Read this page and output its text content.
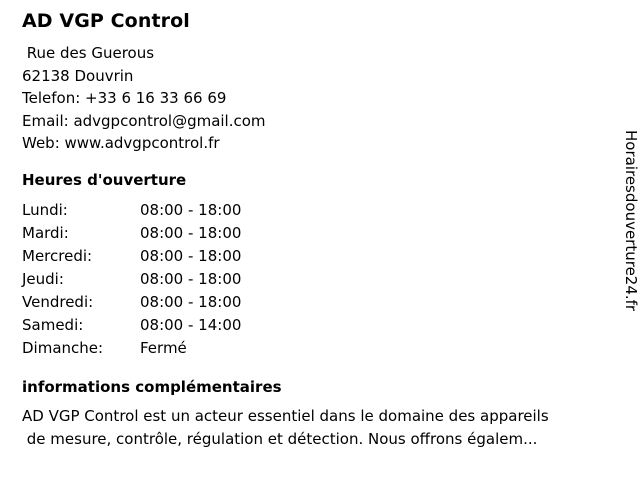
AD VGP Control
Rue des Guerous
62138 Douvrin
Telefon: +33 6 16 33 66 69
Email: advgpcontrol@gmail.com
Web: www.advgpcontrol.fr
Heures d'ouverture
Lundi:	08:00 - 18:00
Mardi:	08:00 - 18:00
Mercredi:	08:00 - 18:00
Jeudi:	08:00 - 18:00
Vendredi:	08:00 - 18:00
Samedi:	08:00 - 14:00
Dimanche:	Fermé
informations complémentaires
AD VGP Control est un acteur essentiel dans le domaine des appareils
de mesure, contrôle, régulation et détection. Nous offrons égalem...
Horairesdouverture24.fr
